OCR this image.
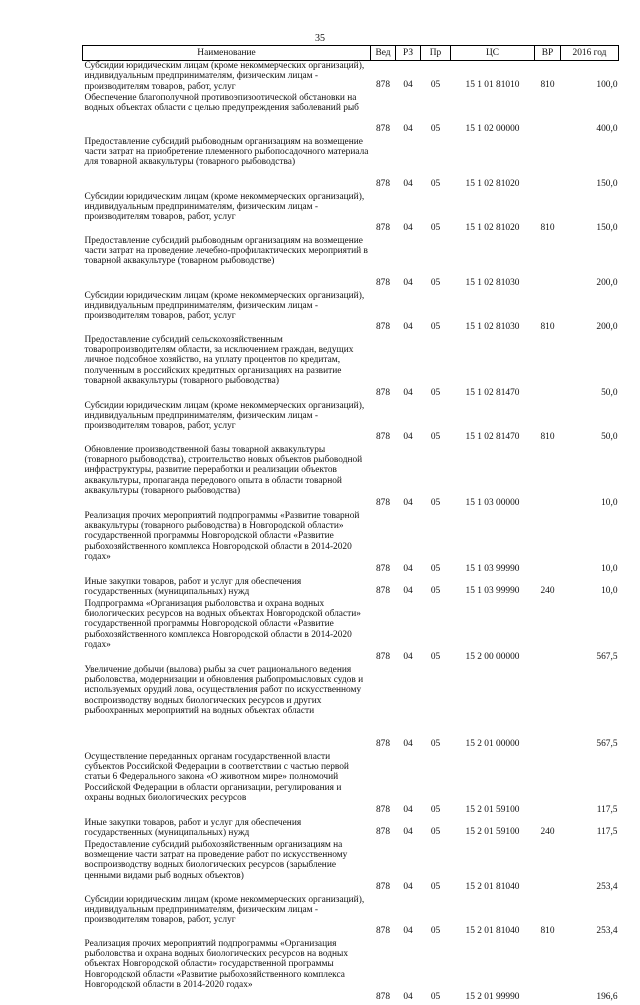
35
Наименование	Вед	РЗ	Пр	ЦС	ВР	2016 год
Субсидии юридическим лицам (кроме некоммерческих организаций), индивидуальным предпринимателям, физическим лицам - производителям товаров, работ, услуг	878	04	05	15 1 01 81010	810	100,0
Обеспечение благополучной противоэпизоотической обстановки на водных объектах области с целью предупреждения заболеваний рыб	878	04	05	15 1 02 00000		400,0
Предоставление субсидий рыбоводным организациям на возмещение части затрат на приобретение племенного рыбопосадочного материала для товарной аквакультуры (товарного рыбоводства)	878	04	05	15 1 02 81020		150,0
Субсидии юридическим лицам (кроме некоммерческих организаций), индивидуальным предпринимателям, физическим лицам - производителям товаров, работ, услуг	878	04	05	15 1 02 81020	810	150,0
Предоставление субсидий рыбоводным организациям на возмещение части затрат на проведение лечебно-профилактических мероприятий в товарной аквакультуре (товарном рыбоводстве)	878	04	05	15 1 02 81030		200,0
Субсидии юридическим лицам (кроме некоммерческих организаций), индивидуальным предпринимателям, физическим лицам - производителям товаров, работ, услуг	878	04	05	15 1 02 81030	810	200,0
Предоставление субсидий сельскохозяйственным товаропроизводителям области, за исключением граждан, ведущих личное подсобное хозяйство, на уплату процентов по кредитам, полученным в российских кредитных организациях на развитие товарной аквакультуры (товарного рыбоводства)	878	04	05	15 1 02 81470		50,0
Субсидии юридическим лицам (кроме некоммерческих организаций), индивидуальным предпринимателям, физическим лицам - производителям товаров, работ, услуг	878	04	05	15 1 02 81470	810	50,0
Обновление производственной базы товарной аквакультуры (товарного рыбоводства), строительство новых объектов рыбоводной инфраструктуры, развитие переработки и реализации объектов аквакультуры, пропаганда передового опыта в области товарной аквакультуры (товарного рыбоводства)	878	04	05	15 1 03 00000		10,0
Реализация прочих мероприятий подпрограммы «Развитие товарной аквакультуры (товарного рыбоводства) в Новгородской области» государственной программы Новгородской области «Развитие рыбохозяйственного комплекса Новгородской области в 2014-2020 годах»	878	04	05	15 1 03 99990		10,0
Иные закупки товаров, работ и услуг для обеспечения государственных (муниципальных) нужд	878	04	05	15 1 03 99990	240	10,0
Подпрограмма «Организация рыболовства и охрана водных биологических ресурсов на водных объектах Новгородской области» государственной программы Новгородской области «Развитие рыбохозяйственного комплекса Новгородской области в 2014-2020 годах»	878	04	05	15 2 00 00000		567,5
Увеличение добычи (вылова) рыбы за счет рационального ведения рыболовства, модернизации и обновления рыбопромысловых судов и используемых орудий лова, осуществления работ по искусственному воспроизводству водных биологических ресурсов и других рыбоохранных мероприятий на водных объектах области	878	04	05	15 2 01 00000		567,5
Осуществление переданных органам государственной власти субъектов Российской Федерации в соответствии с частью первой статьи 6 Федерального закона «О животном мире» полномочий Российской Федерации в области организации, регулирования и охраны водных биологических ресурсов	878	04	05	15 2 01 59100		117,5
Иные закупки товаров, работ и услуг для обеспечения государственных (муниципальных) нужд	878	04	05	15 2 01 59100	240	117,5
Предоставление субсидий рыбохозяйственным организациям на возмещение части затрат на проведение работ по искусственному воспроизводству водных биологических ресурсов (зарыбление ценными видами рыб водных объектов)	878	04	05	15 2 01 81040		253,4
Субсидии юридическим лицам (кроме некоммерческих организаций), индивидуальным предпринимателям, физическим лицам - производителям товаров, работ, услуг	878	04	05	15 2 01 81040	810	253,4
Реализация прочих мероприятий подпрограммы «Организация рыболовства и охрана водных биологических ресурсов на водных объектах Новгородской области» государственной программы Новгородской области «Развитие рыбохозяйственного комплекса Новгородской области в 2014-2020 годах»	878	04	05	15 2 01 99990		196,6
